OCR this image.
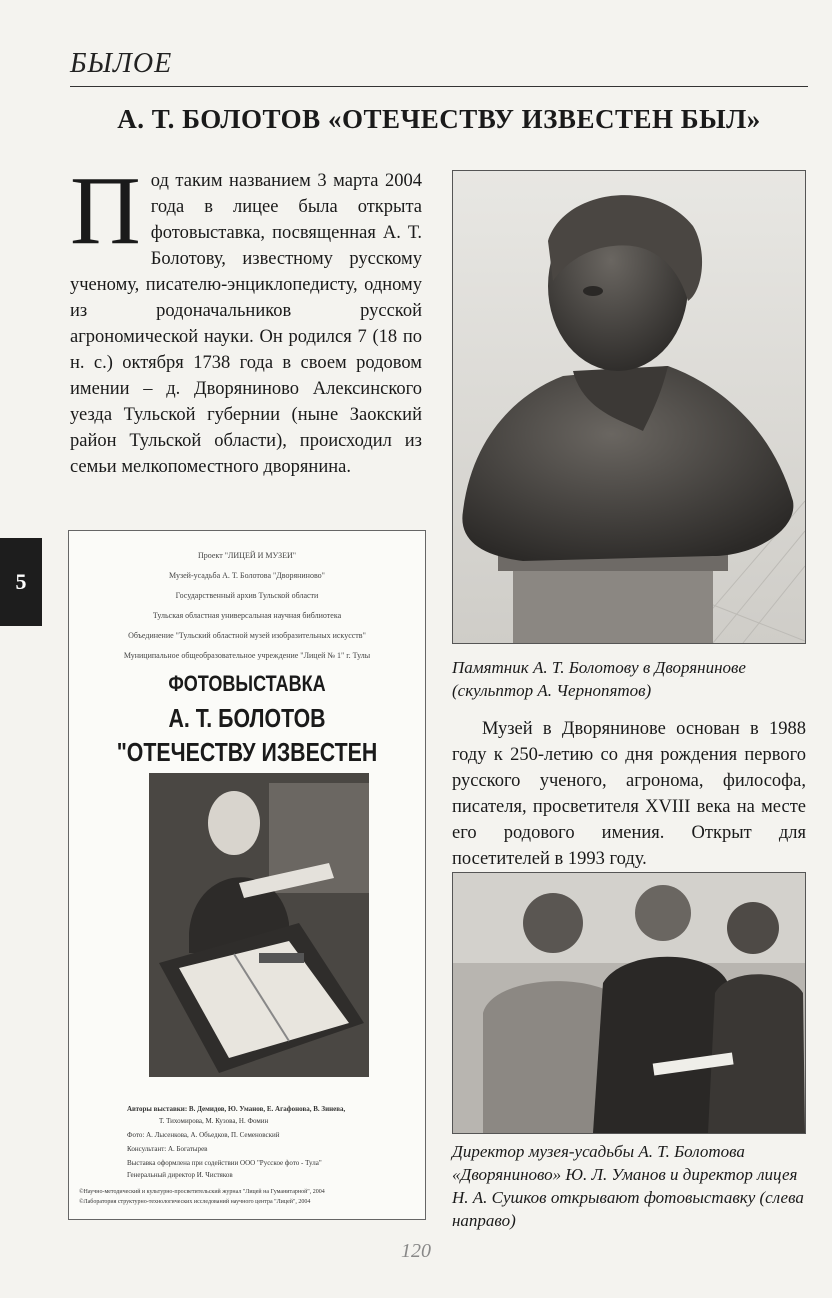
БЫЛОЕ
А. Т. БОЛОТОВ «ОТЕЧЕСТВУ ИЗВЕСТЕН БЫЛ»
5
П од таким названием 3 марта 2004 года в лицее была открыта фотовыставка, посвященная А. Т. Болотову, известному русскому ученому, писателю-энциклопедисту, одному из родоначальников русской агрономической науки. Он родился 7 (18 по н. с.) октября 1738 года в своем родовом имении – д. Дворяниново Алексинского уезда Тульской губернии (ныне Заокский район Тульской области), происходил из семьи мелкопоместного дворянина.
Памятник А. Т. Болотову в Дворянинове (скульптор А. Чернопятов)
Музей в Дворянинове основан в 1988 году к 250-летию со дня рождения первого русского ученого, агронома, философа, писателя, просветителя XVIII века на месте его родового имения. Открыт для посетителей в 1993 году.
Директор музея-усадьбы А. Т. Болотова «Дворяниново» Ю. Л. Уманов и директор лицея Н. А. Сушков открывают фотовыставку (слева направо)
Проект "ЛИЦЕЙ И МУЗЕИ"
Музей-усадьба А. Т. Болотова "Дворяниново"
Государственный архив Тульской области
Тульская областная универсальная научная библиотека
Объединение "Тульский областной музей изобразительных искусств"
Муниципальное общеобразовательное учреждение "Лицей № 1" г. Тулы
ФОТОВЫСТАВКА
А. Т. БОЛОТОВ
"ОТЕЧЕСТВУ ИЗВЕСТЕН
Авторы выставки: В. Демидов, Ю. Уманов, Е. Агафонова, В. Зинева,
Т. Тихомирова, М. Кузова, Н. Фомин
Фото: А. Лысенкова, А. Объедков, П. Семеновский
Консультант: А. Богатырев
Выставка оформлена при содействии ООО "Русское фото - Тула"
Генеральный директор И. Чистяков
©Научно-методический и культурно-просветительский журнал "Лицей на Гуманитарной", 2004
©Лаборатория структурно-технологических исследований научного центра "Лицей", 2004
120
